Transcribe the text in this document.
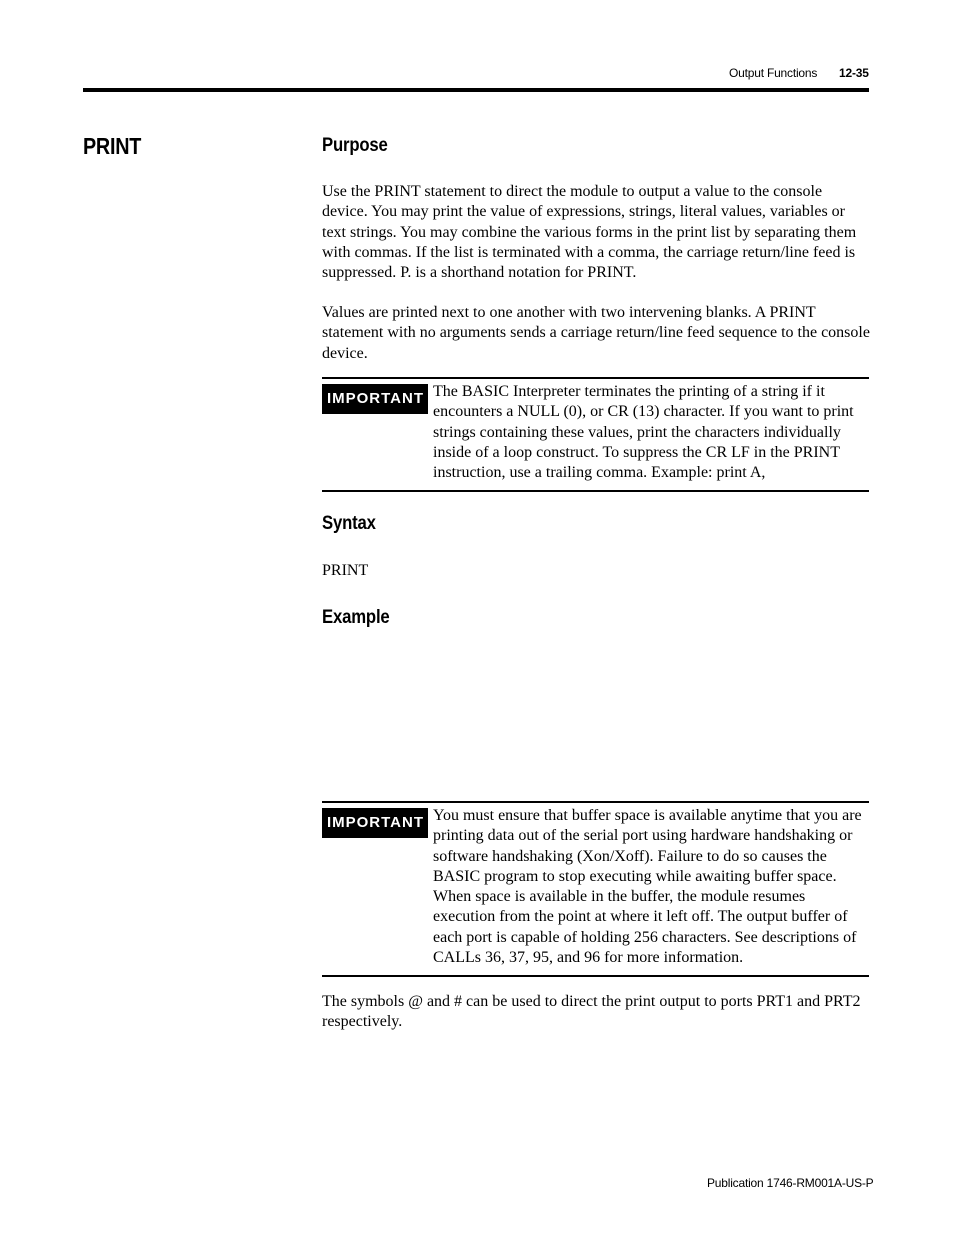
Output Functions 12-35
PRINT	Purpose

Use the PRINT statement to direct the module to output a value to the console device. You may print the value of expressions, strings, literal values, variables or text strings. You may combine the various forms in the print list by separating them with commas. If the list is terminated with a comma, the carriage return/line feed is suppressed. P. is a shorthand notation for PRINT.

Values are printed next to one another with two intervening blanks. A PRINT statement with no arguments sends a carriage return/line feed sequence to the console device.

IMPORTANT The BASIC Interpreter terminates the printing of a string if it encounters a NULL (0), or CR (13) character. If you want to print strings containing these values, print the characters individually inside of a loop construct. To suppress the CR LF in the PRINT instruction, use a trailing comma. Example: print A,

Syntax

PRINT

Example
IMPORTANT You must ensure that buffer space is available anytime that you are printing data out of the serial port using hardware handshaking or software handshaking (Xon/Xoff). Failure to do so causes the BASIC program to stop executing while awaiting buffer space. When space is available in the buffer, the module resumes execution from the point at where it left off. The output buffer of each port is capable of holding 256 characters. See descriptions of CALLs 36, 37, 95, and 96 for more information.

The symbols @ and # can be used to direct the print output to ports PRT1 and PRT2 respectively.

Publication 1746-RM001A-US-P
